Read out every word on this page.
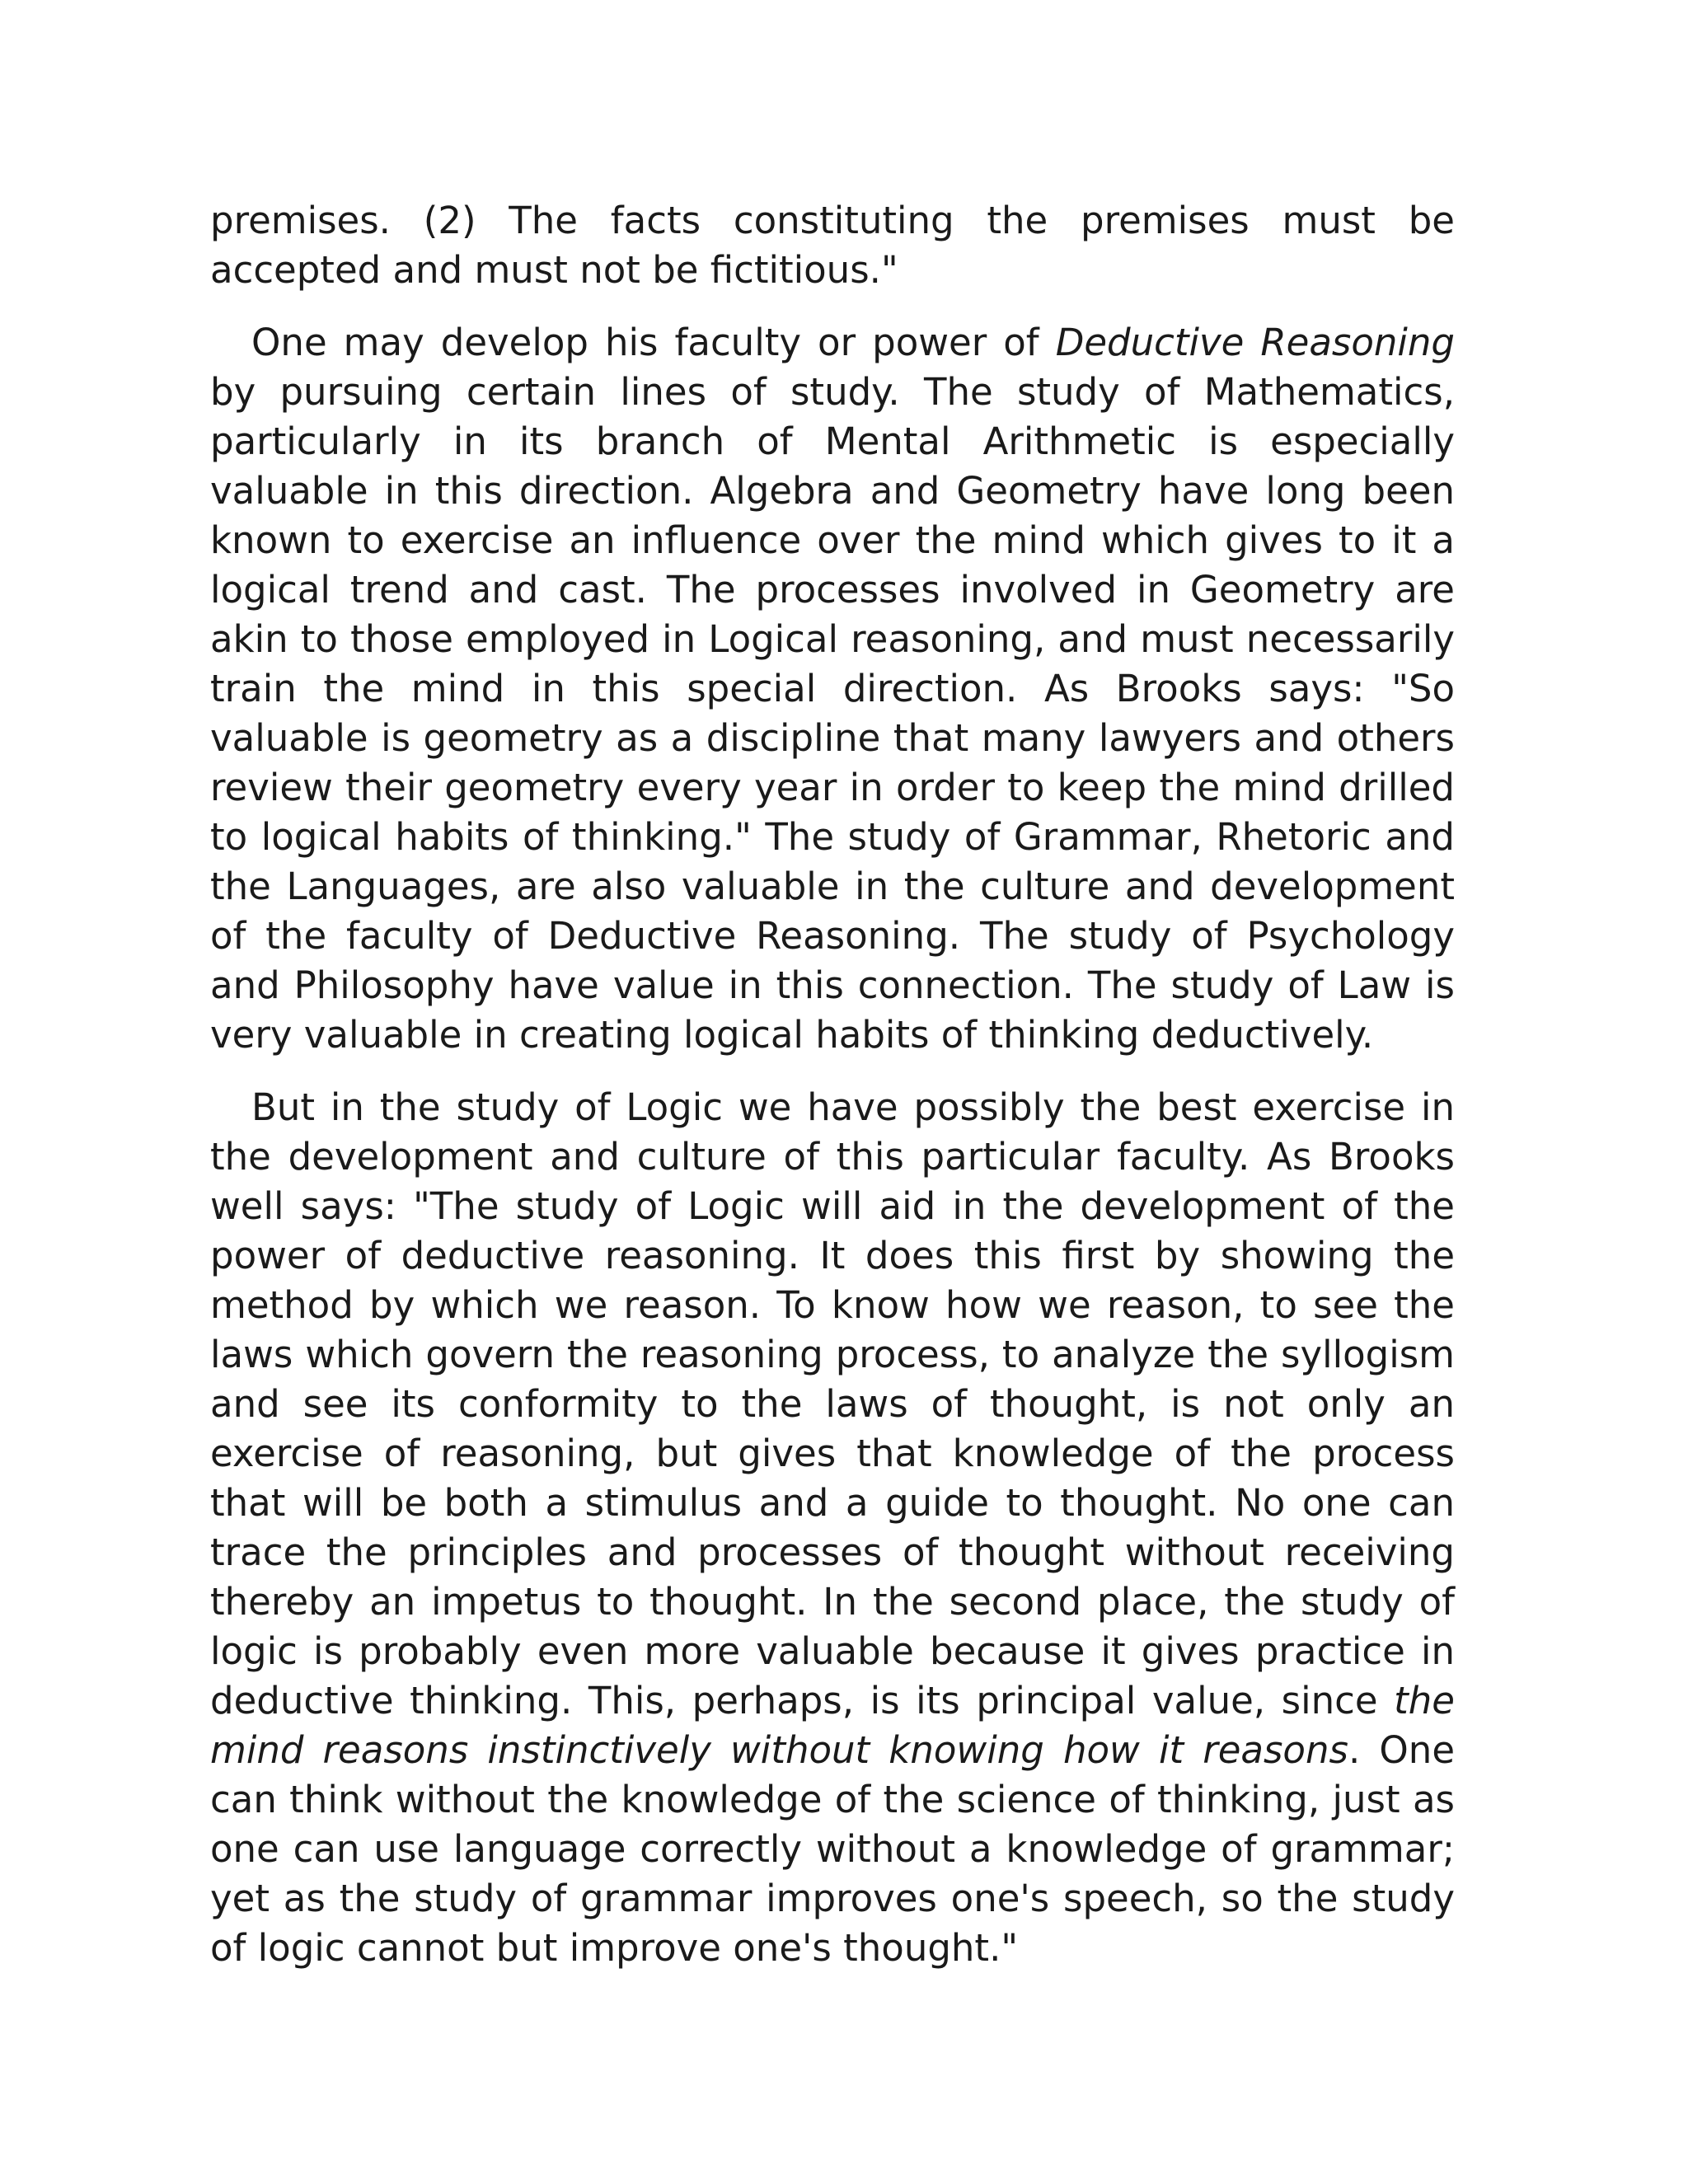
premises. (2) The facts constituting the premises must be accepted and must not be fictitious."

One may develop his faculty or power of Deductive Reasoning by pursuing certain lines of study. The study of Mathematics, particularly in its branch of Mental Arithmetic is especially valuable in this direction. Algebra and Geometry have long been known to exercise an influence over the mind which gives to it a logical trend and cast. The processes involved in Geometry are akin to those employed in Logical reasoning, and must necessarily train the mind in this special direction. As Brooks says: "So valuable is geometry as a discipline that many lawyers and others review their geometry every year in order to keep the mind drilled to logical habits of thinking." The study of Grammar, Rhetoric and the Languages, are also valuable in the culture and development of the faculty of Deductive Reasoning. The study of Psychology and Philosophy have value in this connection. The study of Law is very valuable in creating logical habits of thinking deductively.

But in the study of Logic we have possibly the best exercise in the development and culture of this particular faculty. As Brooks well says: "The study of Logic will aid in the development of the power of deductive reasoning. It does this first by showing the method by which we reason. To know how we reason, to see the laws which govern the reasoning process, to analyze the syllogism and see its conformity to the laws of thought, is not only an exercise of reasoning, but gives that knowledge of the process that will be both a stimulus and a guide to thought. No one can trace the principles and processes of thought without receiving thereby an impetus to thought. In the second place, the study of logic is probably even more valuable because it gives practice in deductive thinking. This, perhaps, is its principal value, since the mind reasons instinctively without knowing how it reasons. One can think without the knowledge of the science of thinking, just as one can use language correctly without a knowledge of grammar; yet as the study of grammar improves one's speech, so the study of logic cannot but improve one's thought."
